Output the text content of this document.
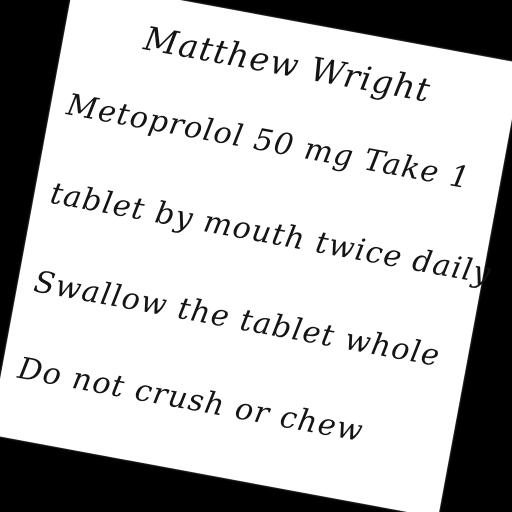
Matthew Wright

Metoprolol 50 mg Take 1

tablet by mouth twice daily

Swallow the tablet whole

Do not crush or chew
